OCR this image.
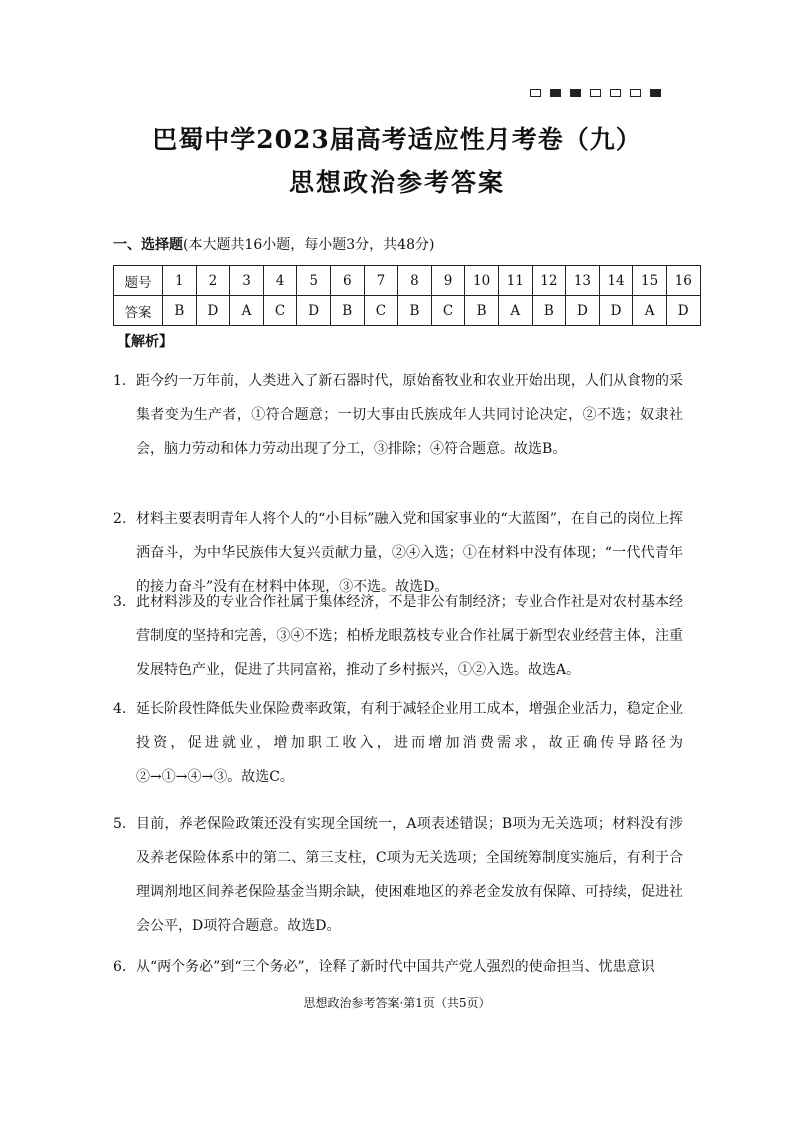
巴蜀中学2023届高考适应性月考卷（九）
思想政治参考答案
一、选择题(本大题共16小题，每小题3分，共48分)
题号	1	2	3	4	5	6	7	8	9	10	11	12	13	14	15	16
答案	B	D	A	C	D	B	C	B	C	B	A	B	D	D	A	D
【解析】
1. 距今约一万年前，人类进入了新石器时代，原始畜牧业和农业开始出现，人们从食物的采集者变为生产者，①符合题意；一切大事由氏族成年人共同讨论决定，②不选；奴隶社会，脑力劳动和体力劳动出现了分工，③排除；④符合题意。故选B。
2. 材料主要表明青年人将个人的“小目标”融入党和国家事业的“大蓝图”，在自己的岗位上挥洒奋斗，为中华民族伟大复兴贡献力量，②④入选；①在材料中没有体现；“一代代青年的接力奋斗”没有在材料中体现，③不选。故选D。
3. 此材料涉及的专业合作社属于集体经济，不是非公有制经济；专业合作社是对农村基本经营制度的坚持和完善，③④不选；柏桥龙眼荔枝专业合作社属于新型农业经营主体，注重发展特色产业，促进了共同富裕，推动了乡村振兴，①②入选。故选A。
4. 延长阶段性降低失业保险费率政策，有利于减轻企业用工成本，增强企业活力，稳定企业投资，促进就业，增加职工收入，进而增加消费需求，故正确传导路径为②→①→④→③。故选C。
5. 目前，养老保险政策还没有实现全国统一，A项表述错误；B项为无关选项；材料没有涉及养老保险体系中的第二、第三支柱，C项为无关选项；全国统筹制度实施后，有利于合理调剂地区间养老保险基金当期余缺，使困难地区的养老金发放有保障、可持续，促进社会公平，D项符合题意。故选D。
6. 从“两个务必”到“三个务必”，诠释了新时代中国共产党人强烈的使命担当、忧患意识
思想政治参考答案·第1页（共5页）
